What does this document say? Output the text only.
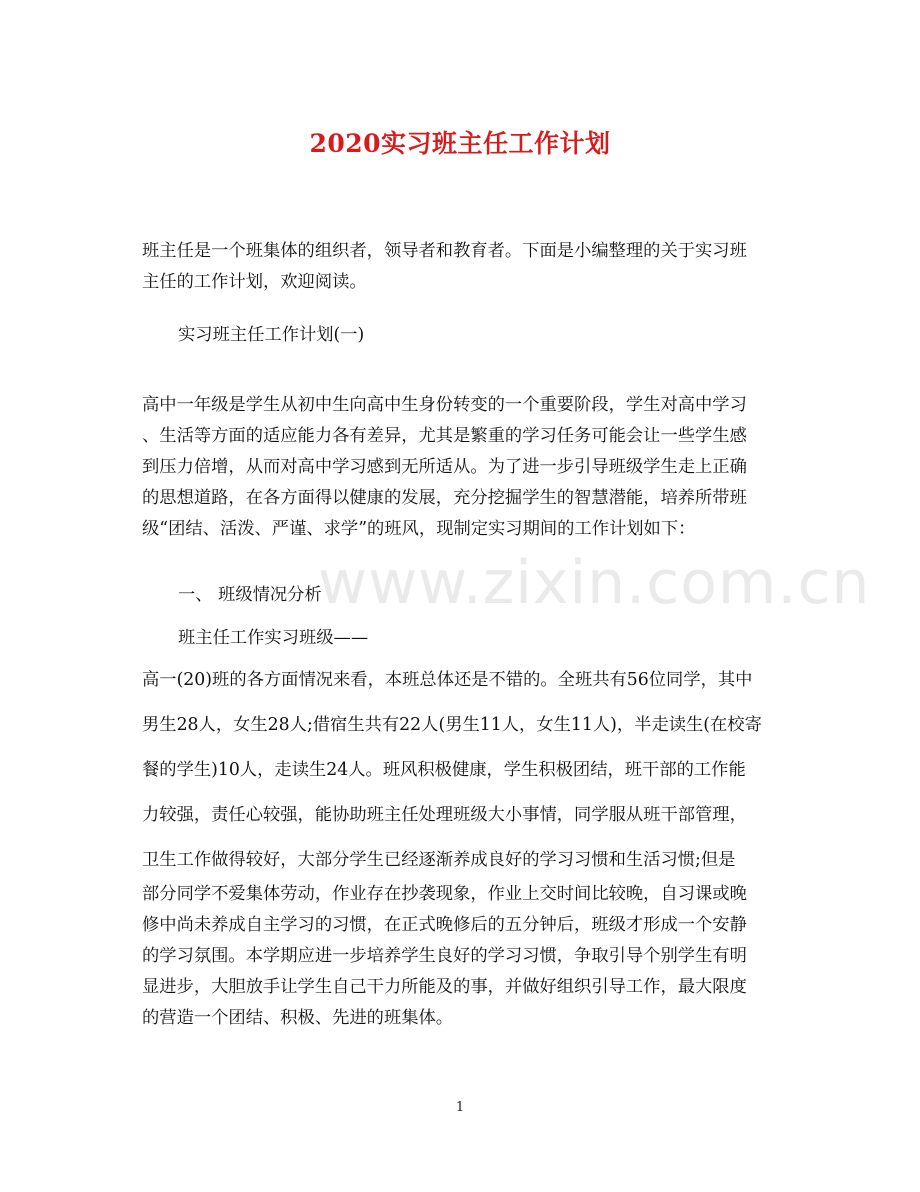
2020实习班主任工作计划
班主任是一个班集体的组织者，领导者和教育者。下面是小编整理的关于实习班
主任的工作计划，欢迎阅读。
实习班主任工作计划(一)
高中一年级是学生从初中生向高中生身份转变的一个重要阶段，学生对高中学习
、生活等方面的适应能力各有差异，尤其是繁重的学习任务可能会让一些学生感
到压力倍增，从而对高中学习感到无所适从。为了进一步引导班级学生走上正确
的思想道路，在各方面得以健康的发展，充分挖掘学生的智慧潜能，培养所带班
级“团结、活泼、严谨、求学”的班风，现制定实习期间的工作计划如下：
www.zixin.com.cn
一、 班级情况分析
班主任工作实习班级——
高一(20)班的各方面情况来看，本班总体还是不错的。全班共有56位同学，其中
男生28人，女生28人;借宿生共有22人(男生11人，女生11人)，半走读生(在校寄
餐的学生)10人，走读生24人。班风积极健康，学生积极团结，班干部的工作能
力较强，责任心较强，能协助班主任处理班级大小事情，同学服从班干部管理，
卫生工作做得较好，大部分学生已经逐渐养成良好的学习习惯和生活习惯;但是
部分同学不爱集体劳动，作业存在抄袭现象，作业上交时间比较晚，自习课或晚
修中尚未养成自主学习的习惯，在正式晚修后的五分钟后，班级才形成一个安静
的学习氛围。本学期应进一步培养学生良好的学习习惯，争取引导个别学生有明
显进步，大胆放手让学生自己干力所能及的事，并做好组织引导工作，最大限度
的营造一个团结、积极、先进的班集体。
1
